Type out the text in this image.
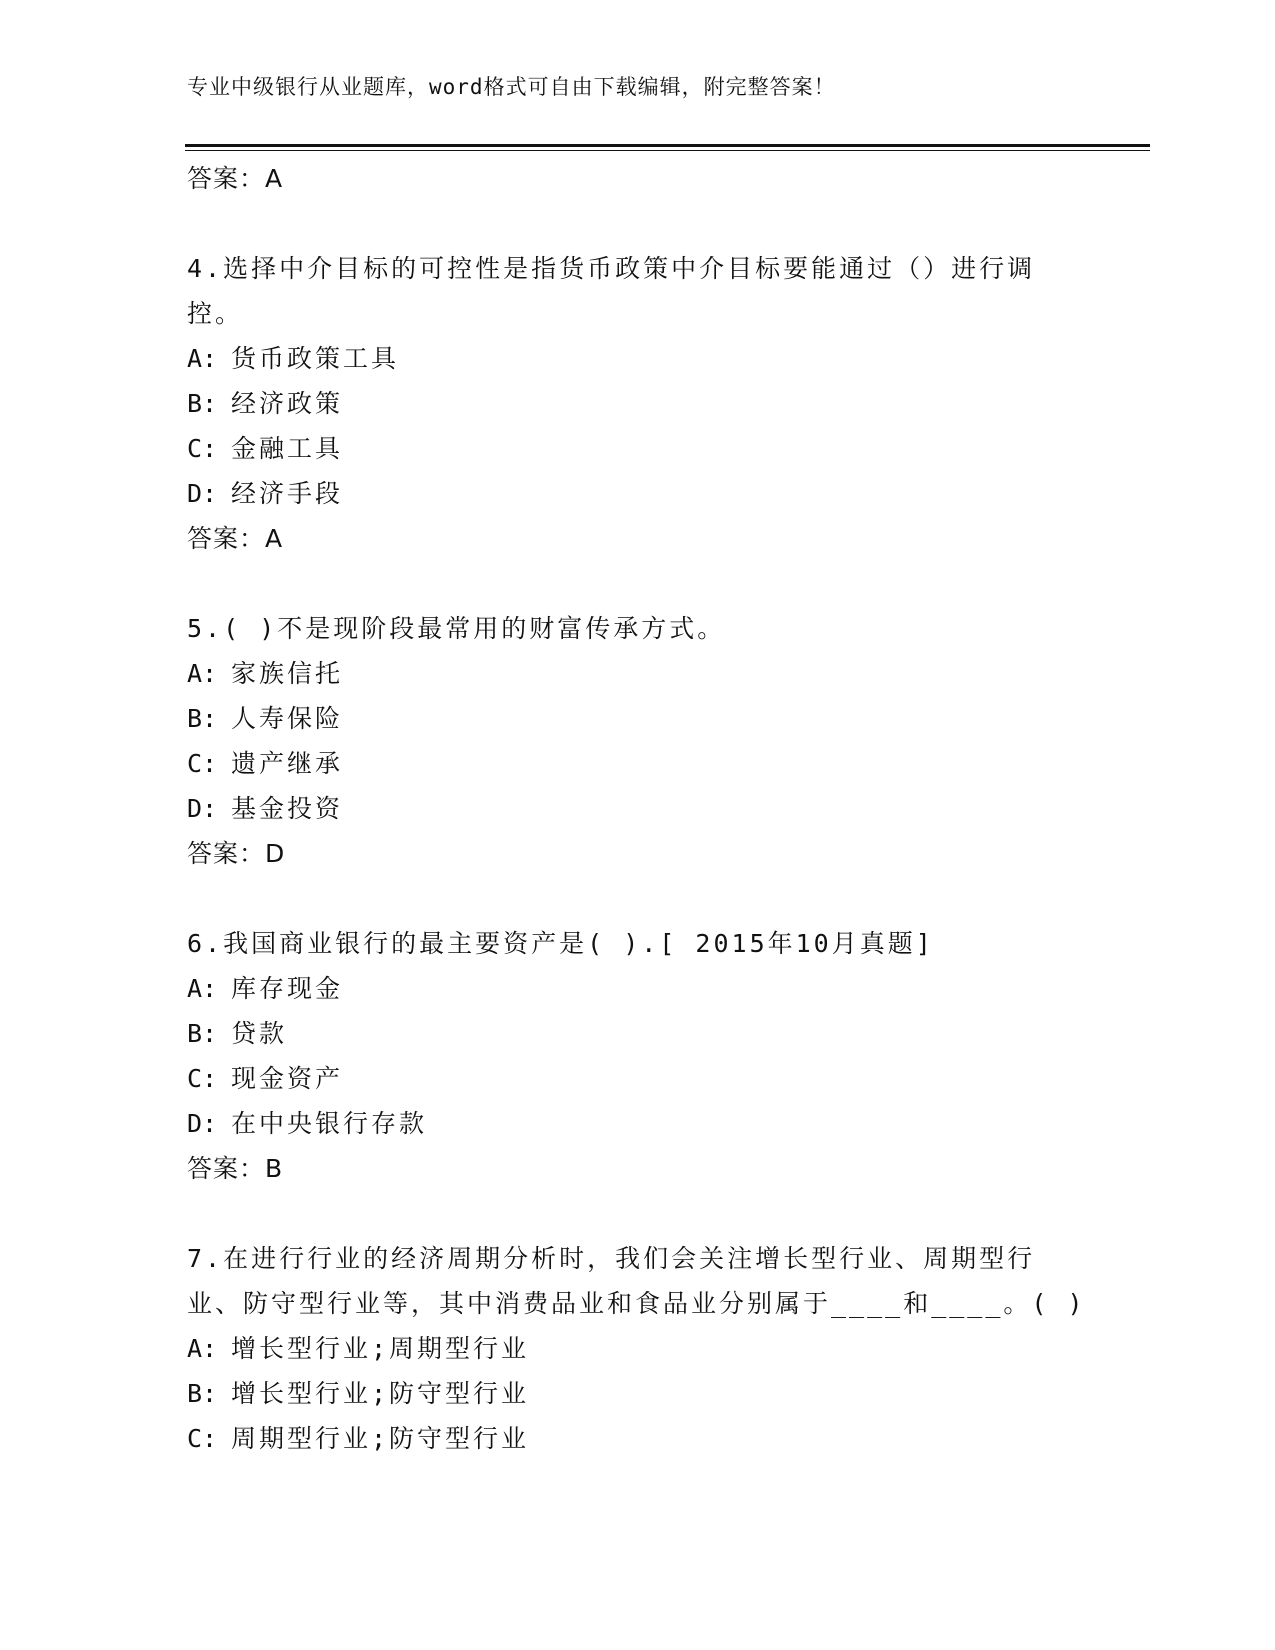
专业中级银行从业题库，word格式可自由下载编辑，附完整答案！
答案：A
4.选择中介目标的可控性是指货币政策中介目标要能通过（）进行调
控。
A: 货币政策工具
B: 经济政策
C: 金融工具
D: 经济手段
答案：A
5.( )不是现阶段最常用的财富传承方式。
A: 家族信托
B: 人寿保险
C: 遗产继承
D: 基金投资
答案：D
6.我国商业银行的最主要资产是( ).[ 2015年10月真题]
A: 库存现金
B: 贷款
C: 现金资产
D: 在中央银行存款
答案：B
7.在进行行业的经济周期分析时，我们会关注增长型行业、周期型行
业、防守型行业等，其中消费品业和食品业分别属于____和____。( )
A: 增长型行业;周期型行业
B: 增长型行业;防守型行业
C: 周期型行业;防守型行业
